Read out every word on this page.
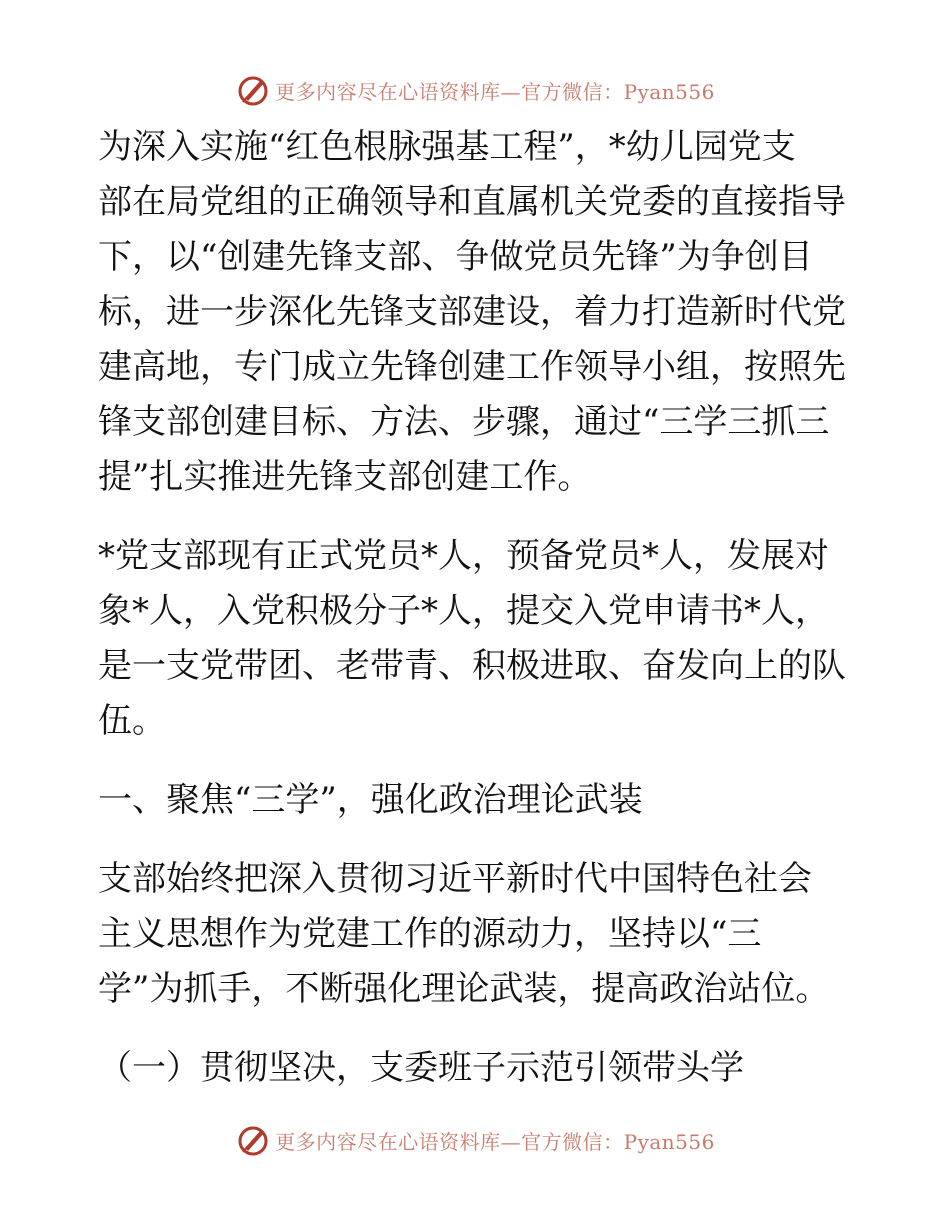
更多内容尽在心语资料库—官方微信：Pyan556

为深入实施“红色根脉强基工程”，*幼儿园党支
部在局党组的正确领导和直属机关党委的直接指导
下，以“创建先锋支部、争做党员先锋”为争创目
标，进一步深化先锋支部建设，着力打造新时代党
建高地，专门成立先锋创建工作领导小组，按照先
锋支部创建目标、方法、步骤，通过“三学三抓三
提”扎实推进先锋支部创建工作。

*党支部现有正式党员*人，预备党员*人，发展对
象*人，入党积极分子*人，提交入党申请书*人，
是一支党带团、老带青、积极进取、奋发向上的队
伍。

一、聚焦“三学”，强化政治理论武装

支部始终把深入贯彻习近平新时代中国特色社会
主义思想作为党建工作的源动力，坚持以“三
学”为抓手，不断强化理论武装，提高政治站位。

（一）贯彻坚决，支委班子示范引领带头学

更多内容尽在心语资料库—官方微信：Pyan556
